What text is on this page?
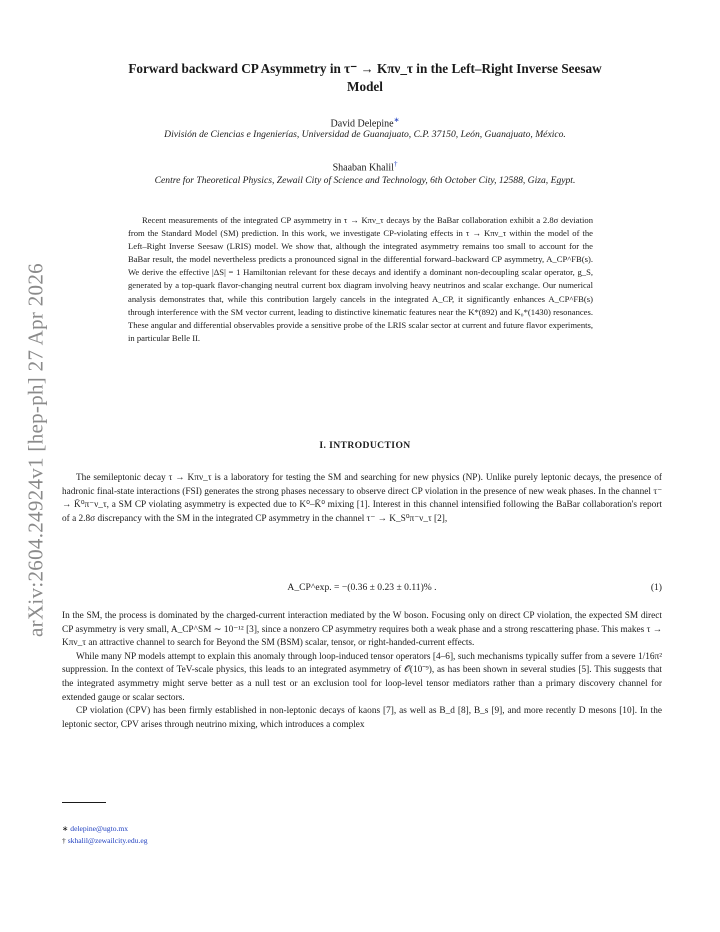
arXiv:2604.24924v1 [hep-ph] 27 Apr 2026
Forward backward CP Asymmetry in τ⁻ → Kπν_τ in the Left–Right Inverse Seesaw
Model
David Delepine∗
División de Ciencias e Ingenierías, Universidad de Guanajuato, C.P. 37150, León, Guanajuato, México.
Shaaban Khalil†
Centre for Theoretical Physics, Zewail City of Science and Technology, 6th October City, 12588, Giza, Egypt.
Recent measurements of the integrated CP asymmetry in τ → Kπν_τ decays by the BaBar collaboration exhibit a 2.8σ deviation from the Standard Model (SM) prediction. In this work, we investigate CP-violating effects in τ → Kπν_τ within the model of the Left–Right Inverse Seesaw (LRIS) model. We show that, although the integrated asymmetry remains too small to account for the BaBar result, the model nevertheless predicts a pronounced signal in the differential forward–backward CP asymmetry, A_CP^FB(s). We derive the effective |ΔS| = 1 Hamiltonian relevant for these decays and identify a dominant non-decoupling scalar operator, g_S, generated by a top-quark flavor-changing neutral current box diagram involving heavy neutrinos and scalar exchange. Our numerical analysis demonstrates that, while this contribution largely cancels in the integrated A_CP, it significantly enhances A_CP^FB(s) through interference with the SM vector current, leading to distinctive kinematic features near the K*(892) and K₀*(1430) resonances. These angular and differential observables provide a sensitive probe of the LRIS scalar sector at current and future flavor experiments, in particular Belle II.
I. INTRODUCTION

The semileptonic decay τ → Kπν_τ is a laboratory for testing the SM and searching for new physics (NP). Unlike purely leptonic decays, the presence of hadronic final-state interactions (FSI) generates the strong phases necessary to observe direct CP violation in the presence of new weak phases. In the channel τ⁻ → K̄⁰π⁻ν_τ, a SM CP violating asymmetry is expected due to K⁰–K̄⁰ mixing [1]. Interest in this channel intensified following the BaBar collaboration's report of a 2.8σ discrepancy with the SM in the integrated CP asymmetry in the channel τ⁻ → K_S⁰π⁻ν_τ [2],

A_CP^exp. = −(0.36 ± 0.23 ± 0.11)% .	(1)

In the SM, the process is dominated by the charged-current interaction mediated by the W boson. Focusing only on direct CP violation, the expected SM direct CP asymmetry is very small, A_CP^SM ∼ 10⁻¹² [3], since a nonzero CP asymmetry requires both a weak phase and a strong rescattering phase. This makes τ → Kπν_τ an attractive channel to search for Beyond the SM (BSM) scalar, tensor, or right-handed-current effects.

While many NP models attempt to explain this anomaly through loop-induced tensor operators [4–6], such mechanisms typically suffer from a severe 1/16π² suppression. In the context of TeV-scale physics, this leads to an integrated asymmetry of 𝒪(10⁻⁹), as has been shown in several studies [5]. This suggests that the integrated asymmetry might serve better as a null test or an exclusion tool for loop-level tensor mediators rather than a primary discovery channel for extended gauge or scalar sectors.

CP violation (CPV) has been firmly established in non-leptonic decays of kaons [7], as well as B_d [8], B_s [9], and more recently D mesons [10]. In the leptonic sector, CPV arises through neutrino mixing, which introduces a complex

∗ delepine@ugto.mx
† skhalil@zewailcity.edu.eg
